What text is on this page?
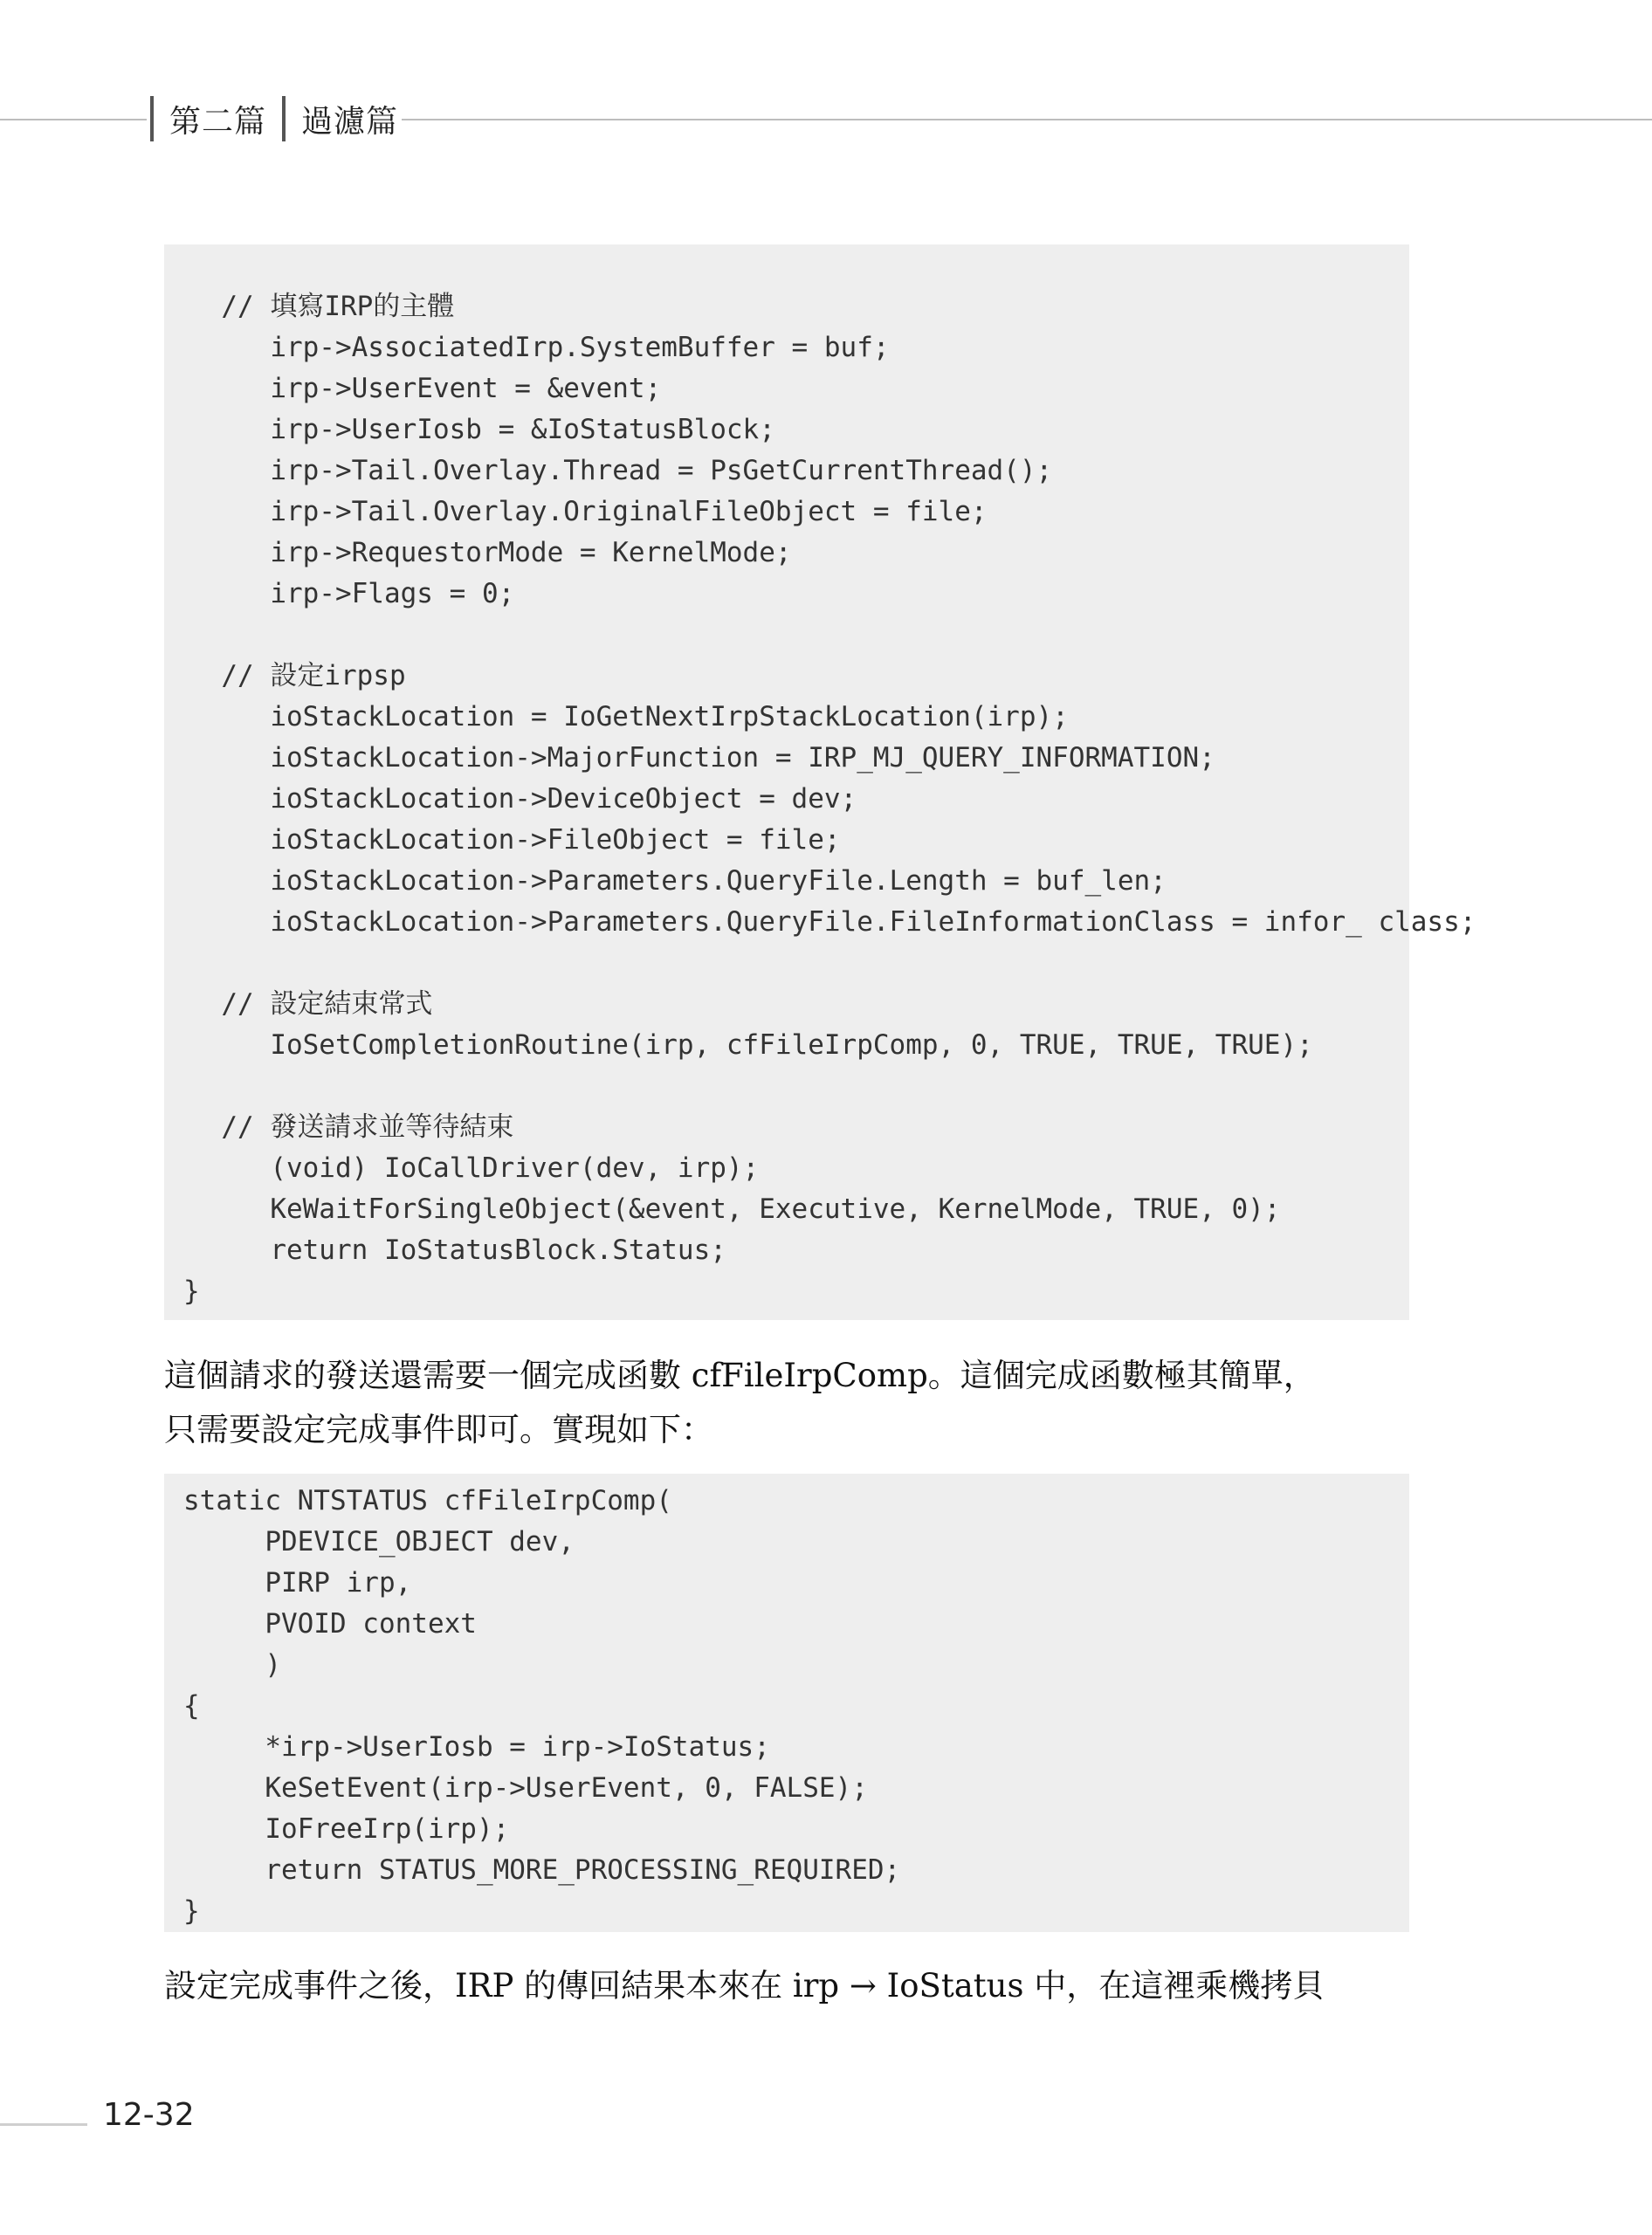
第二篇	過濾篇
// 填寫IRP的主體
irp->AssociatedIrp.SystemBuffer = buf;
irp->UserEvent = &event;
irp->UserIosb = &IoStatusBlock;
irp->Tail.Overlay.Thread = PsGetCurrentThread();
irp->Tail.Overlay.OriginalFileObject = file;
irp->RequestorMode = KernelMode;
irp->Flags = 0;
// 設定irpsp
ioStackLocation = IoGetNextIrpStackLocation(irp);
ioStackLocation->MajorFunction = IRP_MJ_QUERY_INFORMATION;
ioStackLocation->DeviceObject = dev;
ioStackLocation->FileObject = file;
ioStackLocation->Parameters.QueryFile.Length = buf_len;
ioStackLocation->Parameters.QueryFile.FileInformationClass = infor_ class;
// 設定結束常式
IoSetCompletionRoutine(irp, cfFileIrpComp, 0, TRUE, TRUE, TRUE);
// 發送請求並等待結束
(void) IoCallDriver(dev, irp);
KeWaitForSingleObject(&event, Executive, KernelMode, TRUE, 0);
return IoStatusBlock.Status;
}
這個請求的發送還需要一個完成函數 cfFileIrpComp。這個完成函數極其簡單，
只需要設定完成事件即可。實現如下：
static NTSTATUS cfFileIrpComp(
PDEVICE_OBJECT dev,
PIRP irp,
PVOID context
)
{
*irp->UserIosb = irp->IoStatus;
KeSetEvent(irp->UserEvent, 0, FALSE);
IoFreeIrp(irp);
return STATUS_MORE_PROCESSING_REQUIRED;
}
設定完成事件之後，IRP 的傳回結果本來在 irp → IoStatus 中，在這裡乘機拷貝
12-32
